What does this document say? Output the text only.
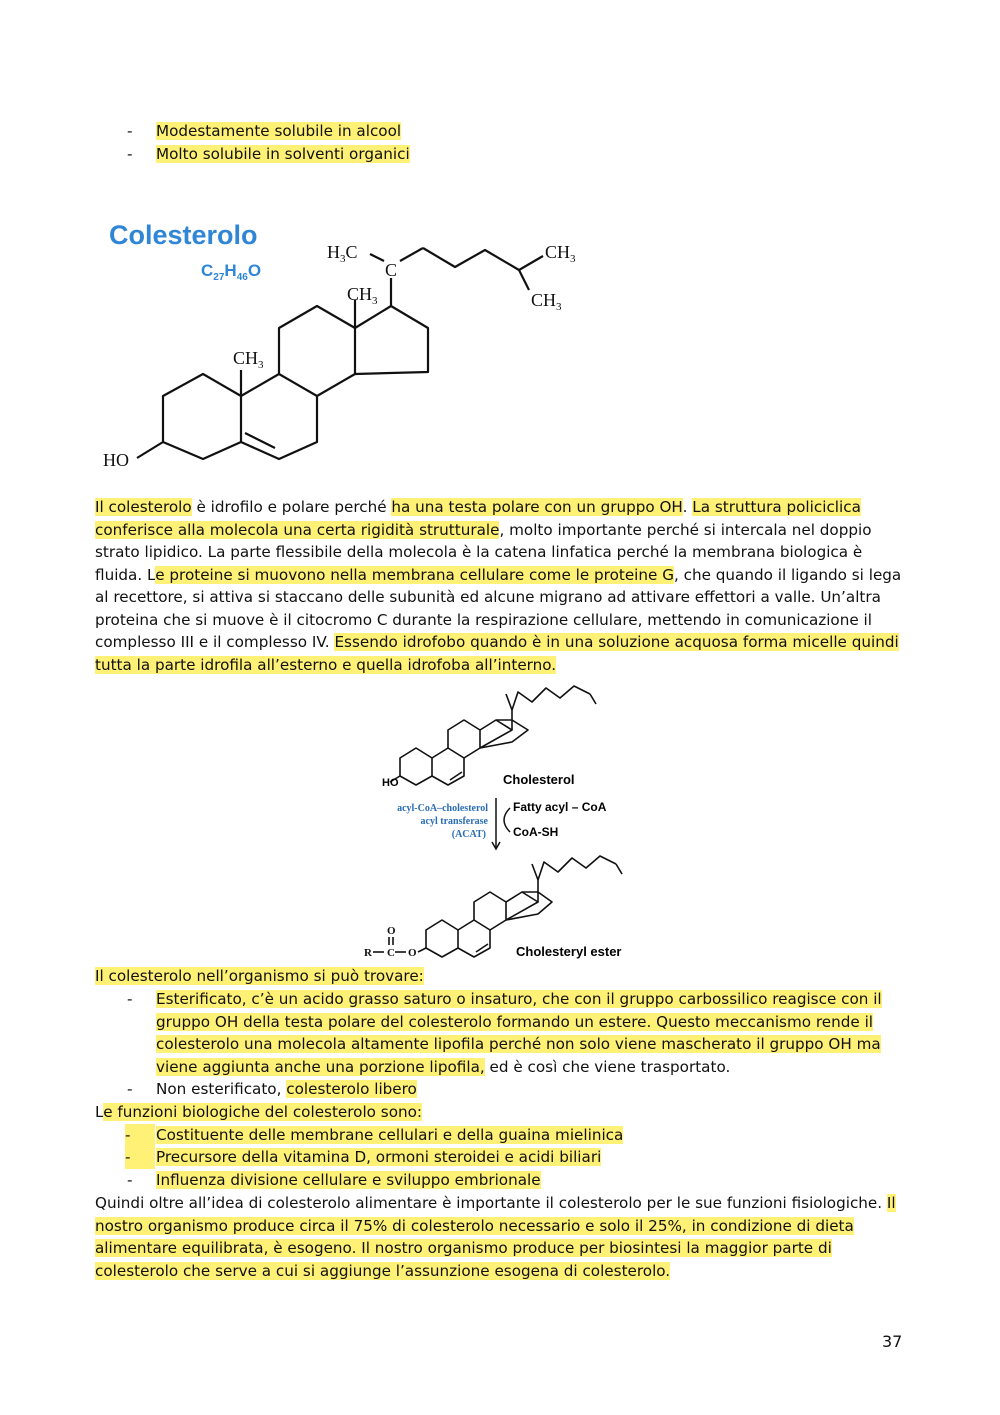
- Modestamente solubile in alcool
- Molto solubile in solventi organici
Colesterolo
$C_{27}H_{46}O$
$H_3C$
C
$CH_3$
$CH_3$
$CH_3$
$CH_3$
HO
Il colesterolo è idrofilo e polare perché ha una testa polare con un gruppo OH. La struttura policiclica conferisce alla molecola una certa rigidità strutturale, molto importante perché si intercala nel doppio strato lipidico. La parte flessibile della molecola è la catena linfatica perché la membrana biologica è fluida. Le proteine si muovono nella membrana cellulare come le proteine G, che quando il ligando si lega al recettore, si attiva si staccano delle subunità ed alcune migrano ad attivare effettori a valle. Un’altra proteina che si muove è il citocromo C durante la respirazione cellulare, mettendo in comunicazione il complesso III e il complesso IV. Essendo idrofobo quando è in una soluzione acquosa forma micelle quindi tutta la parte idrofila all’esterno e quella idrofoba all’interno.
HO	Cholesterol
acyl-CoA–cholesterol
acyl transferase
(ACAT)
Fatty acyl – CoA
CoA-SH
R C O
O
Cholesteryl ester
Il colesterolo nell’organismo si può trovare:
- Esterificato, c’è un acido grasso saturo o insaturo, che con il gruppo carbossilico reagisce con il gruppo OH della testa polare del colesterolo formando un estere. Questo meccanismo rende il colesterolo una molecola altamente lipofila perché non solo viene mascherato il gruppo OH ma viene aggiunta anche una porzione lipofila, ed è così che viene trasportato.
- Non esterificato, colesterolo libero
Le funzioni biologiche del colesterolo sono:
-	Costituente delle membrane cellulari e della guaina mielinica
-	Precursore della vitamina D, ormoni steroidei e acidi biliari
- Influenza divisione cellulare e sviluppo embrionale
Quindi oltre all’idea di colesterolo alimentare è importante il colesterolo per le sue funzioni fisiologiche. Il nostro organismo produce circa il 75% di colesterolo necessario e solo il 25%, in condizione di dieta alimentare equilibrata, è esogeno. Il nostro organismo produce per biosintesi la maggior parte di colesterolo che serve a cui si aggiunge l’assunzione esogena di colesterolo.
37
